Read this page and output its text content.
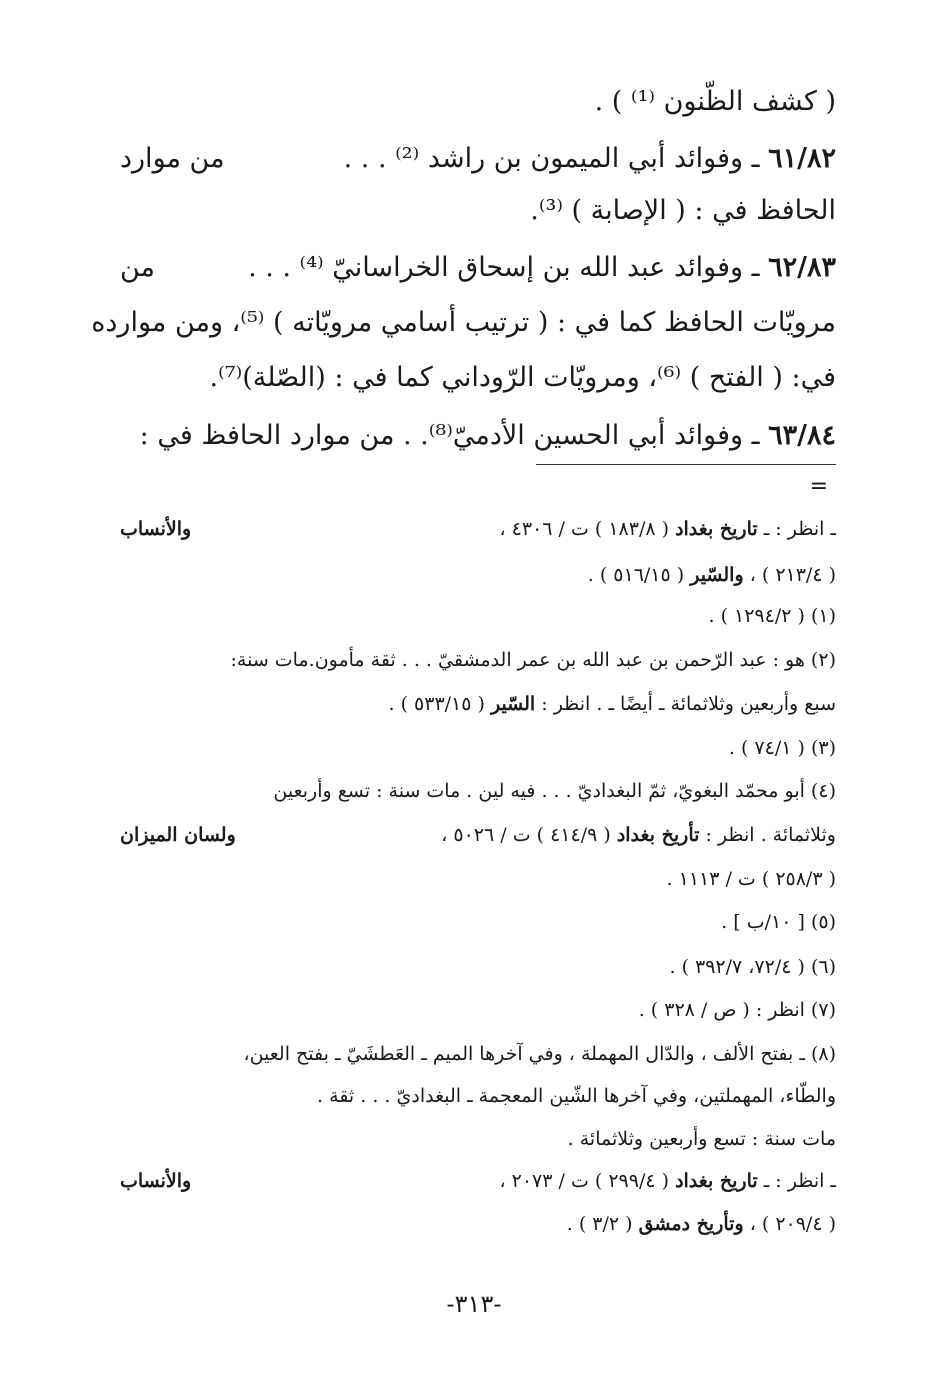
( كشف الظّنون ⁽¹⁾ ) .
٦١/٨٢ ـ وفوائد أبي الميمون بن راشد ⁽²⁾ . . .
من موارد
الحافظ في : ( الإصابة ) ⁽³⁾.
٦٢/٨٣ ـ وفوائد عبد الله بن إسحاق الخراسانيّ ⁽⁴⁾ . . .
من
مرويّات الحافظ كما في : ( ترتيب أسامي مرويّاته ) ⁽⁵⁾، ومن موارده
في: ( الفتح ) ⁽⁶⁾، ومرويّات الرّوداني كما في : (الصّلة)⁽⁷⁾.
٦٣/٨٤ ـ وفوائد أبي الحسين الأدميّ⁽⁸⁾. . من موارد الحافظ في :
=
ـ انظر : ـ تاريخ بغداد ( ١٨٣/٨ ) ت / ٤٣٠٦ ،
والأنساب
( ٢١٣/٤ ) ، والسّير ( ٥١٦/١٥ ) .
(١) ( ١٢٩٤/٢ ) .
(٢) هو : عبد الرّحمن بن عبد الله بن عمر الدمشقيّ . . . ثقة مأمون.مات سنة:
سبع وأربعين وثلاثمائة ـ أيضًا ـ . انظر : السّير ( ٥٣٣/١٥ ) .
(٣) ( ٧٤/١ ) .
(٤) أبو محمّد البغويّ، ثمّ البغداديّ . . . فيه لين . مات سنة : تسع وأربعين
وثلاثمائة . انظر : تأريخ بغداد ( ٤١٤/٩ ) ت / ٥٠٢٦ ،
ولسان الميزان
( ٢٥٨/٣ ) ت / ١١١٣ .
(٥) [ ١٠/ب ] .
(٦) ( ٧٢/٤، ٣٩٢/٧ ) .
(٧) انظر : ( ص / ٣٢٨ ) .
(٨) ـ بفتح الألف ، والدّال المهملة ، وفي آخرها الميم ـ العَطشَيّ ـ بفتح العين،
والطّاء، المهملتين، وفي آخرها الشّين المعجمة ـ البغداديّ . . . ثقة .
مات سنة : تسع وأربعين وثلاثمائة .
ـ انظر : ـ تاريخ بغداد ( ٢٩٩/٤ ) ت / ٢٠٧٣ ،
والأنساب
( ٢٠٩/٤ ) ، وتأريخ دمشق ( ٣/٢ ) .
-٣١٣-
